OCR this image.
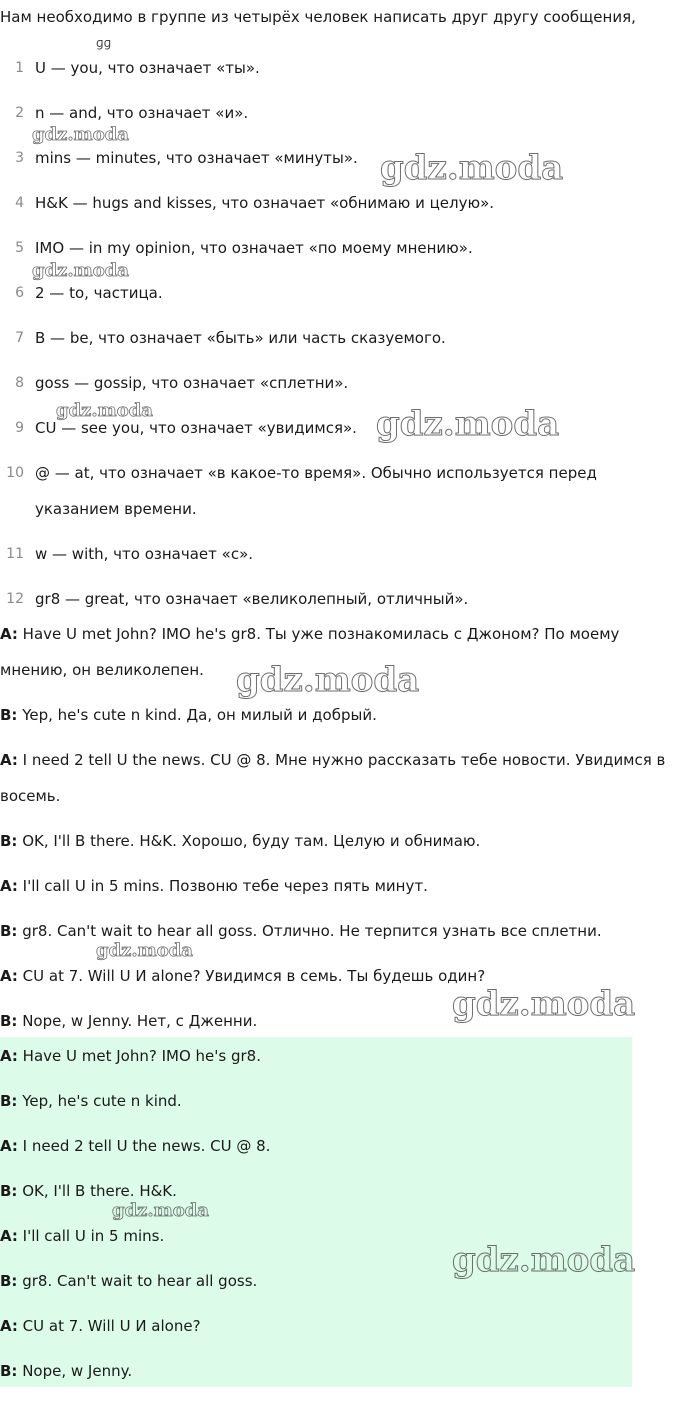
Нам необходимо в группе из четырёх человек написать друг другу сообщения,
ɡɡ
1 U — you, что означает «ты».
2 n — and, что означает «и».
3 mins — minutes, что означает «минуты».
4 H&K — hugs and kisses, что означает «обнимаю и целую».
5 IMO — in my opinion, что означает «по моему мнению».
6 2 — to, частица.
7 B — be, что означает «быть» или часть сказуемого.
8 goss — gossip, что означает «сплетни».
9 CU — see you, что означает «увидимся».
10 @ — at, что означает «в какое-то время». Обычно используется перед указанием времени.
11 w — with, что означает «с».
12 gr8 — great, что означает «великолепный, отличный».
A: Have U met John? IMO he's gr8. Ты уже познакомилась с Джоном? По моему мнению, он великолепен.
B: Yep, he's cute n kind. Да, он милый и добрый.
A: I need 2 tell U the news. CU @ 8. Мне нужно рассказать тебе новости. Увидимся в восемь.
B: OK, I'll B there. H&K. Хорошо, буду там. Целую и обнимаю.
A: I'll call U in 5 mins. Позвоню тебе через пять минут.
B: gr8. Can't wait to hear all goss. Отлично. Не терпится узнать все сплетни.
A: CU at 7. Will U И alone? Увидимся в семь. Ты будешь один?
B: Nope, w Jenny. Нет, с Дженни.
A: Have U met John? IMO he's gr8.
B: Yep, he's cute n kind.
A: I need 2 tell U the news. CU @ 8.
B: OK, I'll B there. H&K.
A: I'll call U in 5 mins.
B: gr8. Can't wait to hear all goss.
A: CU at 7. Will U И alone?
B: Nope, w Jenny.
gdz.moda
gdz.moda
gdz.moda
gdz.moda	gdz.moda
gdz.moda
gdz.moda
gdz.moda
gdz.moda
gdz.moda
